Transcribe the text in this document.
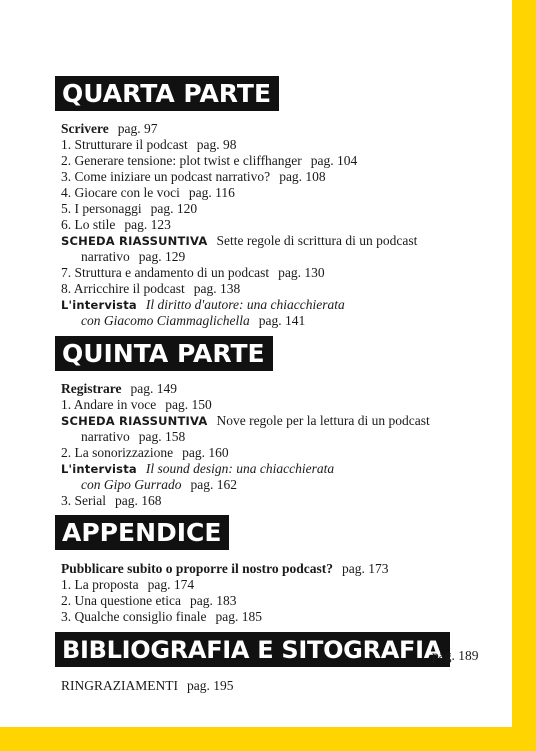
QUARTA PARTE
Scrivere pag. 97
1. Strutturare il podcast pag. 98
2. Generare tensione: plot twist e cliffhanger pag. 104
3. Come iniziare un podcast narrativo? pag. 108
4. Giocare con le voci pag. 116
5. I personaggi pag. 120
6. Lo stile pag. 123
SCHEDA RIASSUNTIVA Sette regole di scrittura di un podcast
narrativo pag. 129
7. Struttura e andamento di un podcast pag. 130
8. Arricchire il podcast pag. 138
L'intervista Il diritto d'autore: una chiacchierata
con Giacomo Ciammaglichella pag. 141
QUINTA PARTE
Registrare pag. 149
1. Andare in voce pag. 150
SCHEDA RIASSUNTIVA Nove regole per la lettura di un podcast
narrativo pag. 158
2. La sonorizzazione pag. 160
L'intervista Il sound design: una chiacchierata
con Gipo Gurrado pag. 162
3. Serial pag. 168
APPENDICE
Pubblicare subito o proporre il nostro podcast? pag. 173
1. La proposta pag. 174
2. Una questione etica pag. 183
3. Qualche consiglio finale pag. 185
BIBLIOGRAFIA E SITOGRAFIA
pag. 189
RINGRAZIAMENTI pag. 195
